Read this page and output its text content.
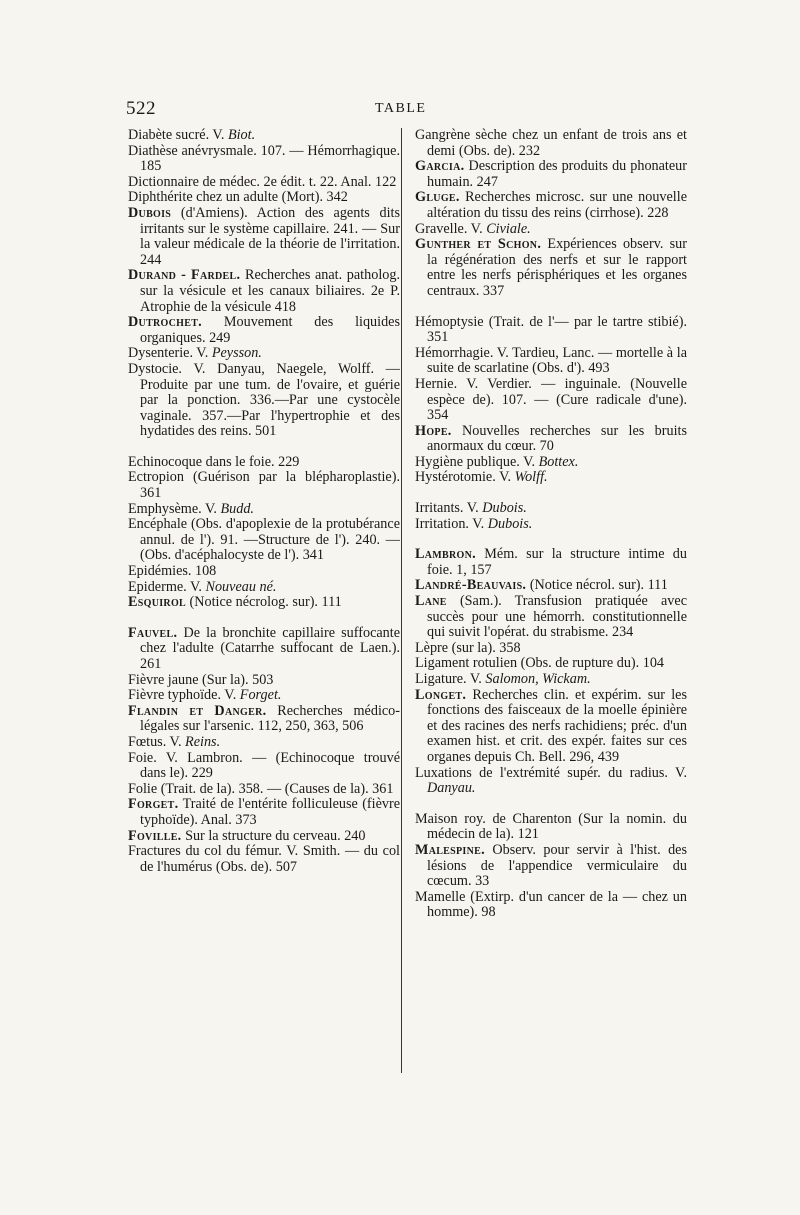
522	TABLE
Diabète sucré. V. Biot.
Diathèse anévrysmale. 107. — Hémorrhagique. 185
Dictionnaire de médec. 2e édit. t. 22. Anal. 122
Diphthérite chez un adulte (Mort). 342
Dubois (d'Amiens). Action des agents dits irritants sur le système capillaire. 241. — Sur la valeur médicale de la théorie de l'irritation. 244
Durand - Fardel. Recherches anat. patholog. sur la vésicule et les canaux biliaires. 2e P. Atrophie de la vésicule 418
Dutrochet. Mouvement des liquides organiques. 249
Dysenterie. V. Peysson.
Dystocie. V. Danyau, Naegele, Wolff. — Produite par une tum. de l'ovaire, et guérie par la ponction. 336.—Par une cystocèle vaginale. 357.—Par l'hypertrophie et des hydatides des reins. 501
Echinocoque dans le foie. 229
Ectropion (Guérison par la blépharoplastie). 361
Emphysème. V. Budd.
Encéphale (Obs. d'apoplexie de la protubérance annul. de l'). 91. —Structure de l'). 240. — (Obs. d'acéphalocyste de l'). 341
Epidémies. 108
Epiderme. V. Nouveau né.
Esquirol (Notice nécrolog. sur). 111
Fauvel. De la bronchite capillaire suffocante chez l'adulte (Catarrhe suffocant de Laen.). 261
Fièvre jaune (Sur la). 503
Fièvre typhoïde. V. Forget.
Flandin et Danger. Recherches médico-légales sur l'arsenic. 112, 250, 363, 506
Fœtus. V. Reins.
Foie. V. Lambron. — (Echinocoque trouvé dans le). 229
Folie (Trait. de la). 358. — (Causes de la). 361
Forget. Traité de l'entérite folliculeuse (fièvre typhoïde). Anal. 373
Foville. Sur la structure du cerveau. 240
Fractures du col du fémur. V. Smith. — du col de l'humérus (Obs. de). 507
Gangrène sèche chez un enfant de trois ans et demi (Obs. de). 232
Garcia. Description des produits du phonateur humain. 247
Gluge. Recherches microsc. sur une nouvelle altération du tissu des reins (cirrhose). 228
Gravelle. V. Civiale.
Gunther et Schon. Expériences observ. sur la régénération des nerfs et sur le rapport entre les nerfs périsphériques et les organes centraux. 337
Hémoptysie (Trait. de l'— par le tartre stibié). 351
Hémorrhagie. V. Tardieu, Lanc. — mortelle à la suite de scarlatine (Obs. d'). 493
Hernie. V. Verdier. — inguinale. (Nouvelle espèce de). 107. — (Cure radicale d'une). 354
Hope. Nouvelles recherches sur les bruits anormaux du cœur. 70
Hygiène publique. V. Bottex.
Hystérotomie. V. Wolff.
Irritants. V. Dubois.
Irritation. V. Dubois.
Lambron. Mém. sur la structure intime du foie. 1, 157
Landré-Beauvais. (Notice nécrol. sur). 111
Lane (Sam.). Transfusion pratiquée avec succès pour une hémorrh. constitutionnelle qui suivit l'opérat. du strabisme. 234
Lèpre (sur la). 358
Ligament rotulien (Obs. de rupture du). 104
Ligature. V. Salomon, Wickam.
Longet. Recherches clin. et expérim. sur les fonctions des faisceaux de la moelle épinière et des racines des nerfs rachidiens; préc. d'un examen hist. et crit. des expér. faites sur ces organes depuis Ch. Bell. 296, 439
Luxations de l'extrémité supér. du radius. V. Danyau.
Maison roy. de Charenton (Sur la nomin. du médecin de la). 121
Malespine. Observ. pour servir à l'hist. des lésions de l'appendice vermiculaire du cœcum. 33
Mamelle (Extirp. d'un cancer de la — chez un homme). 98
